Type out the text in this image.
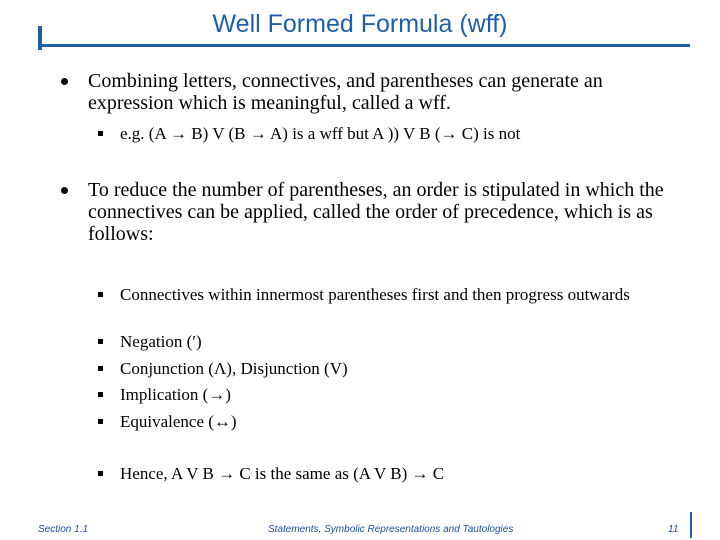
Well Formed Formula (wff)
Combining letters, connectives, and parentheses can generate an expression which is meaningful, called a wff.
e.g. (A → B) V (B → A) is a wff but A )) V B (→ C) is not
To reduce the number of parentheses, an order is stipulated in which the connectives can be applied, called the order of precedence, which is as follows:
Connectives within innermost parentheses first and then progress outwards
Negation (′)
Conjunction (Λ), Disjunction (V)
Implication (→)
Equivalence (↔)
Hence, A V B → C is the same as (A V B) → C
Section 1.1	Statements, Symbolic Representations and Tautologies	11
